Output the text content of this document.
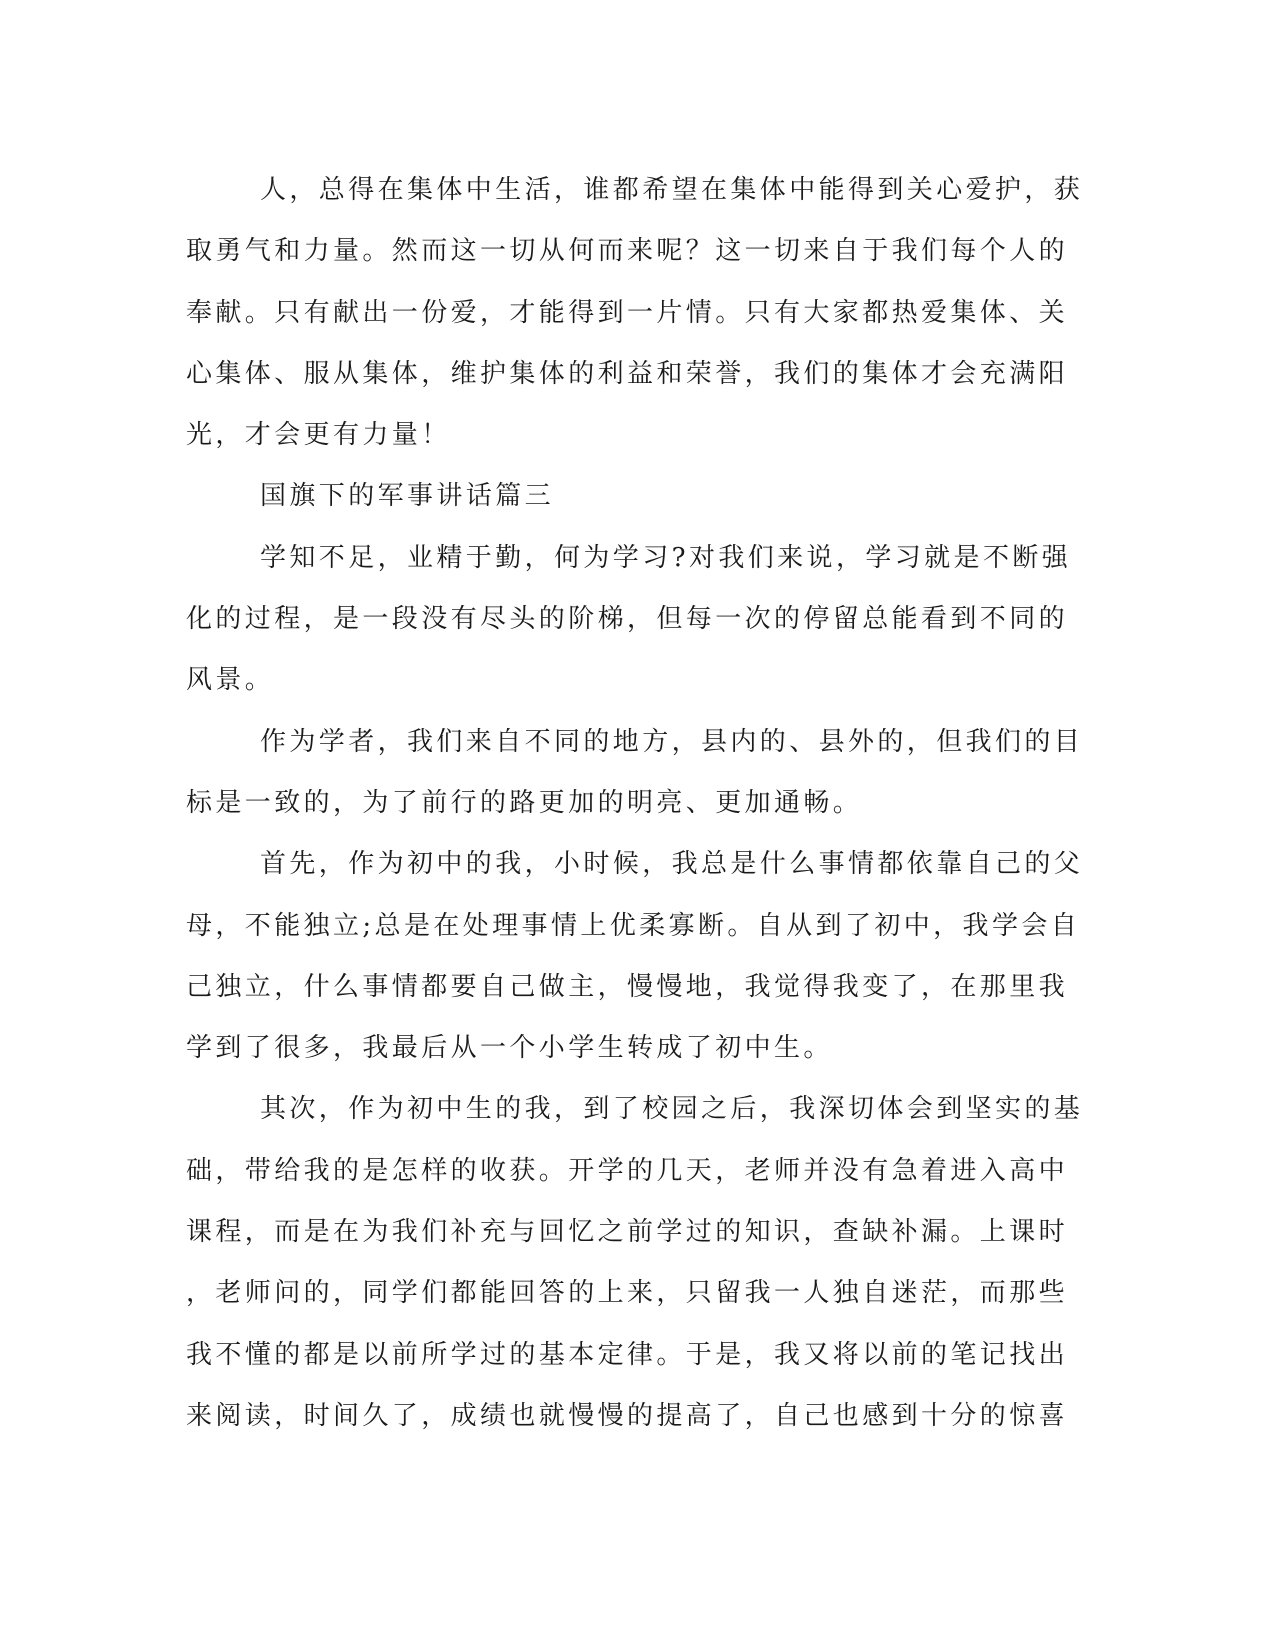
人，总得在集体中生活，谁都希望在集体中能得到关心爱护，获
取勇气和力量。然而这一切从何而来呢？这一切来自于我们每个人的
奉献。只有献出一份爱，才能得到一片情。只有大家都热爱集体、关
心集体、服从集体，维护集体的利益和荣誉，我们的集体才会充满阳
光，才会更有力量！
国旗下的军事讲话篇三
学知不足，业精于勤，何为学习?对我们来说，学习就是不断强
化的过程，是一段没有尽头的阶梯，但每一次的停留总能看到不同的
风景。
作为学者，我们来自不同的地方，县内的、县外的，但我们的目
标是一致的，为了前行的路更加的明亮、更加通畅。
首先，作为初中的我，小时候，我总是什么事情都依靠自己的父
母，不能独立;总是在处理事情上优柔寡断。自从到了初中，我学会自
己独立，什么事情都要自己做主，慢慢地，我觉得我变了，在那里我
学到了很多，我最后从一个小学生转成了初中生。
其次，作为初中生的我，到了校园之后，我深切体会到坚实的基
础，带给我的是怎样的收获。开学的几天，老师并没有急着进入高中
课程，而是在为我们补充与回忆之前学过的知识，查缺补漏。上课时
，老师问的，同学们都能回答的上来，只留我一人独自迷茫，而那些
我不懂的都是以前所学过的基本定律。于是，我又将以前的笔记找出
来阅读，时间久了，成绩也就慢慢的提高了，自己也感到十分的惊喜
